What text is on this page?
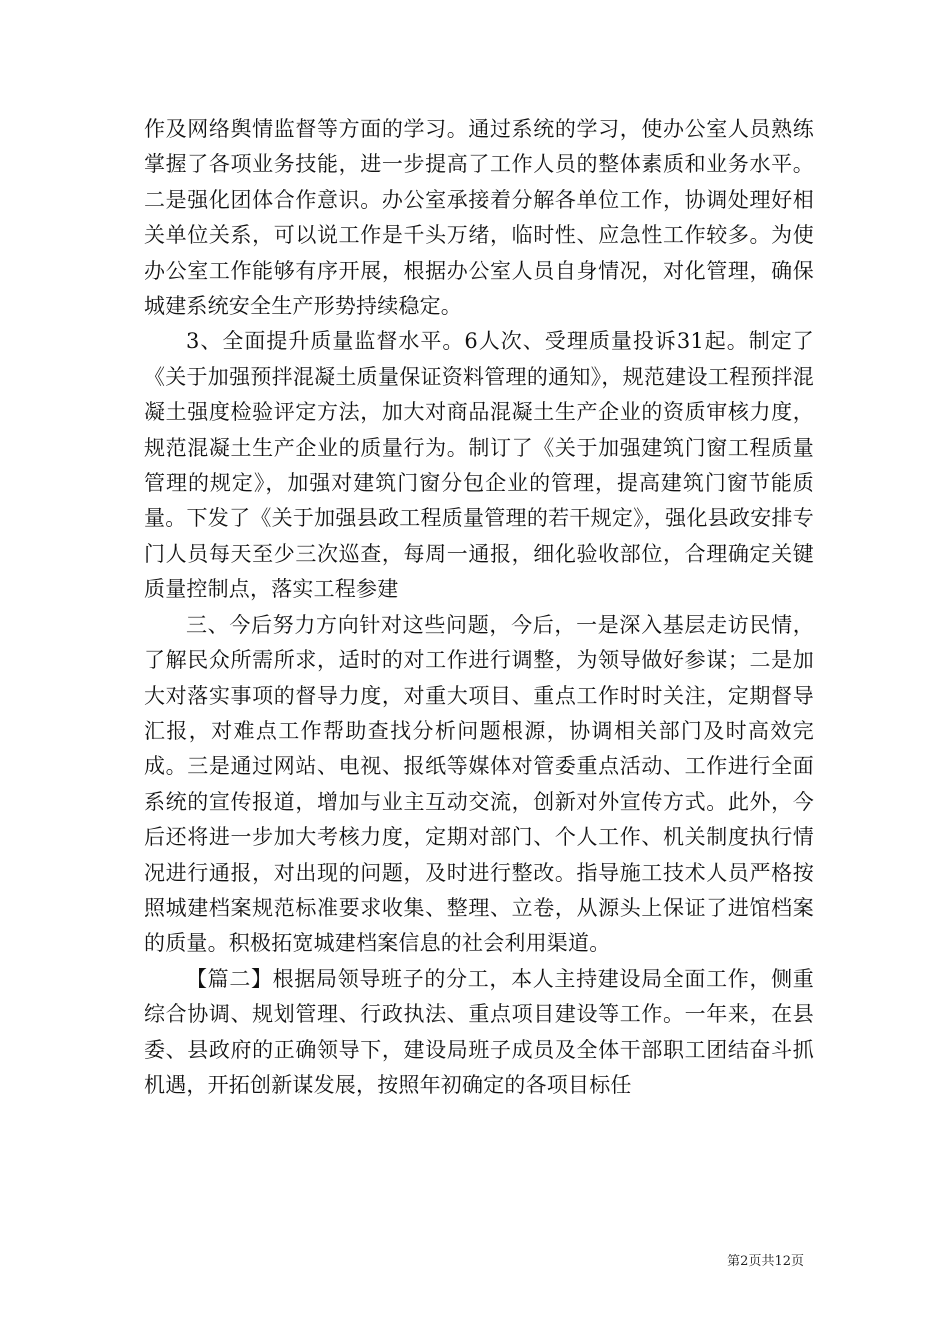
作及网络舆情监督等方面的学习。通过系统的学习，使办公室人员熟练掌握了各项业务技能，进一步提高了工作人员的整体素质和业务水平。二是强化团体合作意识。办公室承接着分解各单位工作，协调处理好相关单位关系，可以说工作是千头万绪，临时性、应急性工作较多。为使办公室工作能够有序开展，根据办公室人员自身情况，对化管理，确保城建系统安全生产形势持续稳定。

3、全面提升质量监督水平。6人次、受理质量投诉31起。制定了《关于加强预拌混凝土质量保证资料管理的通知》，规范建设工程预拌混凝土强度检验评定方法，加大对商品混凝土生产企业的资质审核力度，规范混凝土生产企业的质量行为。制订了《关于加强建筑门窗工程质量管理的规定》，加强对建筑门窗分包企业的管理，提高建筑门窗节能质量。下发了《关于加强县政工程质量管理的若干规定》，强化县政安排专门人员每天至少三次巡查，每周一通报，细化验收部位，合理确定关键质量控制点，落实工程参建

三、今后努力方向针对这些问题，今后，一是深入基层走访民情，了解民众所需所求，适时的对工作进行调整，为领导做好参谋；二是加大对落实事项的督导力度，对重大项目、重点工作时时关注，定期督导汇报，对难点工作帮助查找分析问题根源，协调相关部门及时高效完成。三是通过网站、电视、报纸等媒体对管委重点活动、工作进行全面系统的宣传报道，增加与业主互动交流，创新对外宣传方式。此外，今后还将进一步加大考核力度，定期对部门、个人工作、机关制度执行情况进行通报，对出现的问题，及时进行整改。指导施工技术人员严格按照城建档案规范标准要求收集、整理、立卷，从源头上保证了进馆档案的质量。积极拓宽城建档案信息的社会利用渠道。

【篇二】根据局领导班子的分工，本人主持建设局全面工作，侧重综合协调、规划管理、行政执法、重点项目建设等工作。一年来，在县委、县政府的正确领导下，建设局班子成员及全体干部职工团结奋斗抓机遇，开拓创新谋发展，按照年初确定的各项目标任

第2页共12页
